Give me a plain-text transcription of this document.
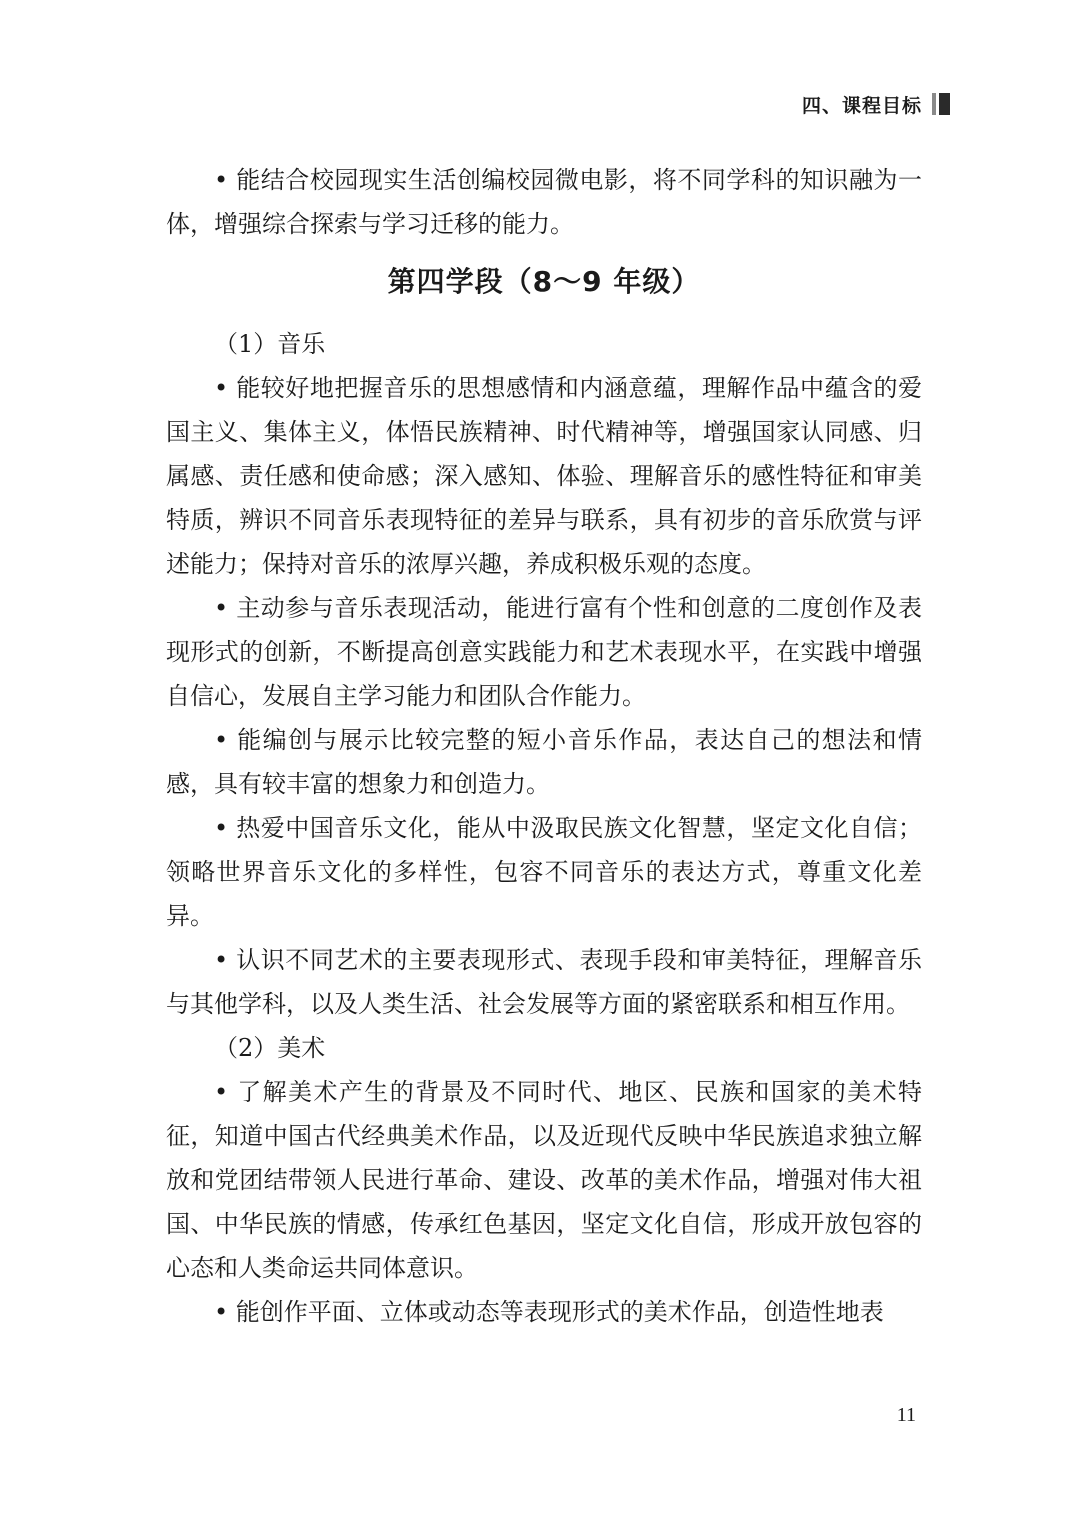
四、课程目标

• 能结合校园现实生活创编校园微电影，将不同学科的知识融为一体，增强综合探索与学习迁移的能力。

第四学段（8～9 年级）

（1）音乐

• 能较好地把握音乐的思想感情和内涵意蕴，理解作品中蕴含的爱国主义、集体主义，体悟民族精神、时代精神等，增强国家认同感、归属感、责任感和使命感；深入感知、体验、理解音乐的感性特征和审美特质，辨识不同音乐表现特征的差异与联系，具有初步的音乐欣赏与评述能力；保持对音乐的浓厚兴趣，养成积极乐观的态度。

• 主动参与音乐表现活动，能进行富有个性和创意的二度创作及表现形式的创新，不断提高创意实践能力和艺术表现水平，在实践中增强自信心，发展自主学习能力和团队合作能力。

• 能编创与展示比较完整的短小音乐作品，表达自己的想法和情感，具有较丰富的想象力和创造力。

• 热爱中国音乐文化，能从中汲取民族文化智慧，坚定文化自信；领略世界音乐文化的多样性，包容不同音乐的表达方式，尊重文化差异。

• 认识不同艺术的主要表现形式、表现手段和审美特征，理解音乐与其他学科，以及人类生活、社会发展等方面的紧密联系和相互作用。

（2）美术

• 了解美术产生的背景及不同时代、地区、民族和国家的美术特征，知道中国古代经典美术作品，以及近现代反映中华民族追求独立解放和党团结带领人民进行革命、建设、改革的美术作品，增强对伟大祖国、中华民族的情感，传承红色基因，坚定文化自信，形成开放包容的心态和人类命运共同体意识。

• 能创作平面、立体或动态等表现形式的美术作品，创造性地表

11
